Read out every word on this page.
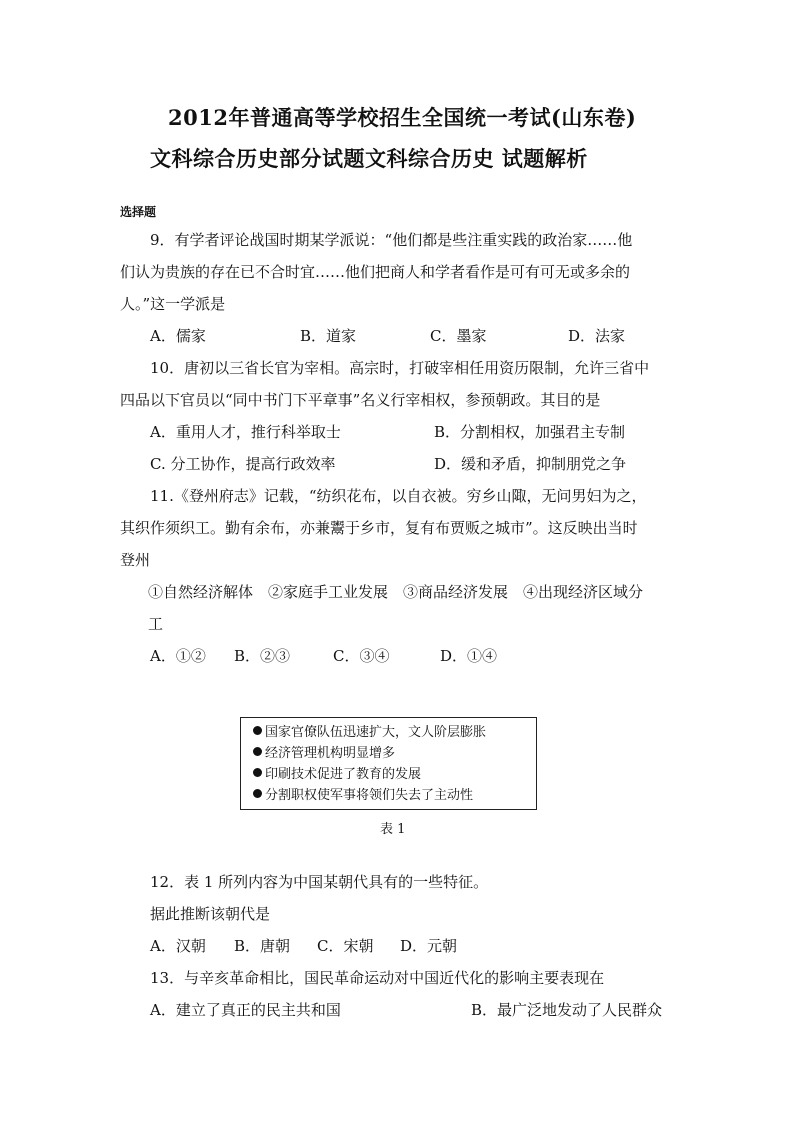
2012年普通高等学校招生全国统一考试(山东卷)
文科综合历史部分试题文科综合历史 试题解析
选择题
9．有学者评论战国时期某学派说：“他们都是些注重实践的政治家……他
们认为贵族的存在已不合时宜……他们把商人和学者看作是可有可无或多余的
人。”这一学派是
A．儒家	B．道家	C．墨家	D．法家
10．唐初以三省长官为宰相。高宗时，打破宰相任用资历限制，允许三省中
四品以下官员以“同中书门下平章事”名义行宰相权，参预朝政。其目的是
A．重用人才，推行科举取士	B．分割相权，加强君主专制
C. 分工协作，提高行政效率	D．缓和矛盾，抑制朋党之争
11.《登州府志》记载，“纺织花布，以自衣被。穷乡山陬，无问男妇为之，
其织作须织工。勤有余布，亦兼鬻于乡市，复有布贾贩之城市”。这反映出当时
登州
①自然经济解体　②家庭手工业发展　③商品经济发展　④出现经济区域分
工
A．①② B．②③	C．③④	D．①④
国家官僚队伍迅速扩大，文人阶层膨胀
经济管理机构明显增多
印刷技术促进了教育的发展
分割职权使军事将领们失去了主动性
表 1
12．表 1 所列内容为中国某朝代具有的一些特征。
据此推断该朝代是
A．汉朝 B．唐朝 C．宋朝 D．元朝
13．与辛亥革命相比，国民革命运动对中国近代化的影响主要表现在
A．建立了真正的民主共和国	B．最广泛地发动了人民群众
